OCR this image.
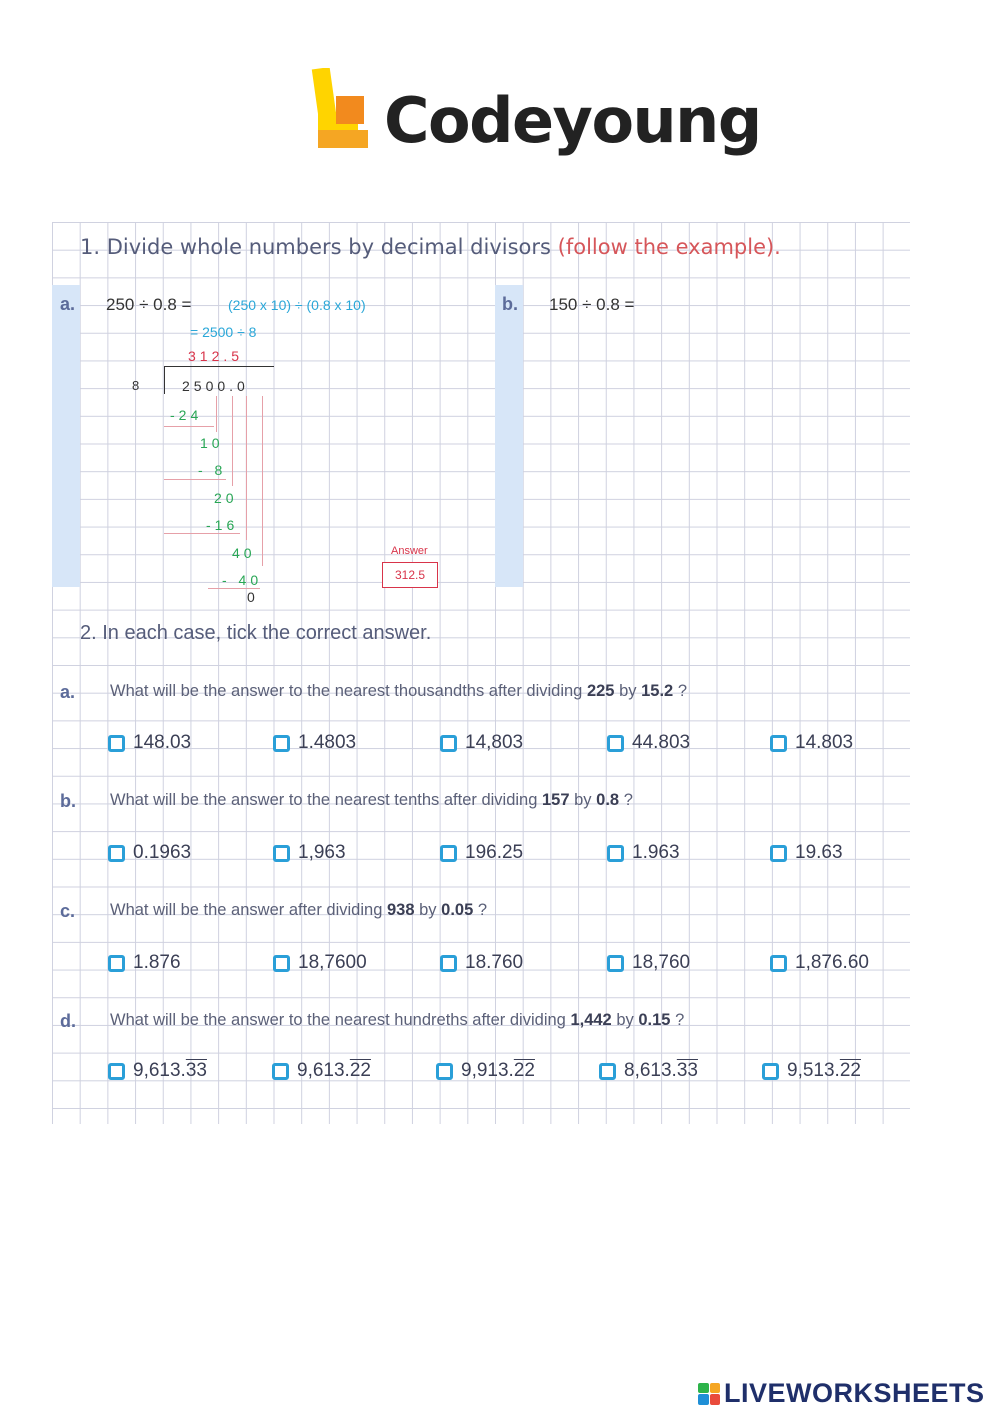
Codeyoung
1. Divide whole numbers by decimal divisors (follow the example).
a. 250 ÷ 0.8 =	(250 x 10) ÷ (0.8 x 10)
= 2500 ÷ 8
312.5
8	2500.0
-24
10
- 8
20
-16
40
- 40
0
Answer
312.5
b. 150 ÷ 0.8 =
2. In each case, tick the correct answer.
a. What will be the answer to the nearest thousandths after dividing 225 by 15.2 ?
148.03	1.4803	14,803	44.803	14.803
b. What will be the answer to the nearest tenths after dividing 157 by 0.8 ?
0.1963	1,963	196.25	1.963	19.63
c. What will be the answer after dividing 938 by 0.05 ?
1.876	18,7600	18.760	18,760	1,876.60
d. What will be the answer to the nearest hundreths after dividing 1,442 by 0.15 ?
9,613.33	9,613.22	9,913.22	8,613.33	9,513.22
LIVEWORKSHEETS
